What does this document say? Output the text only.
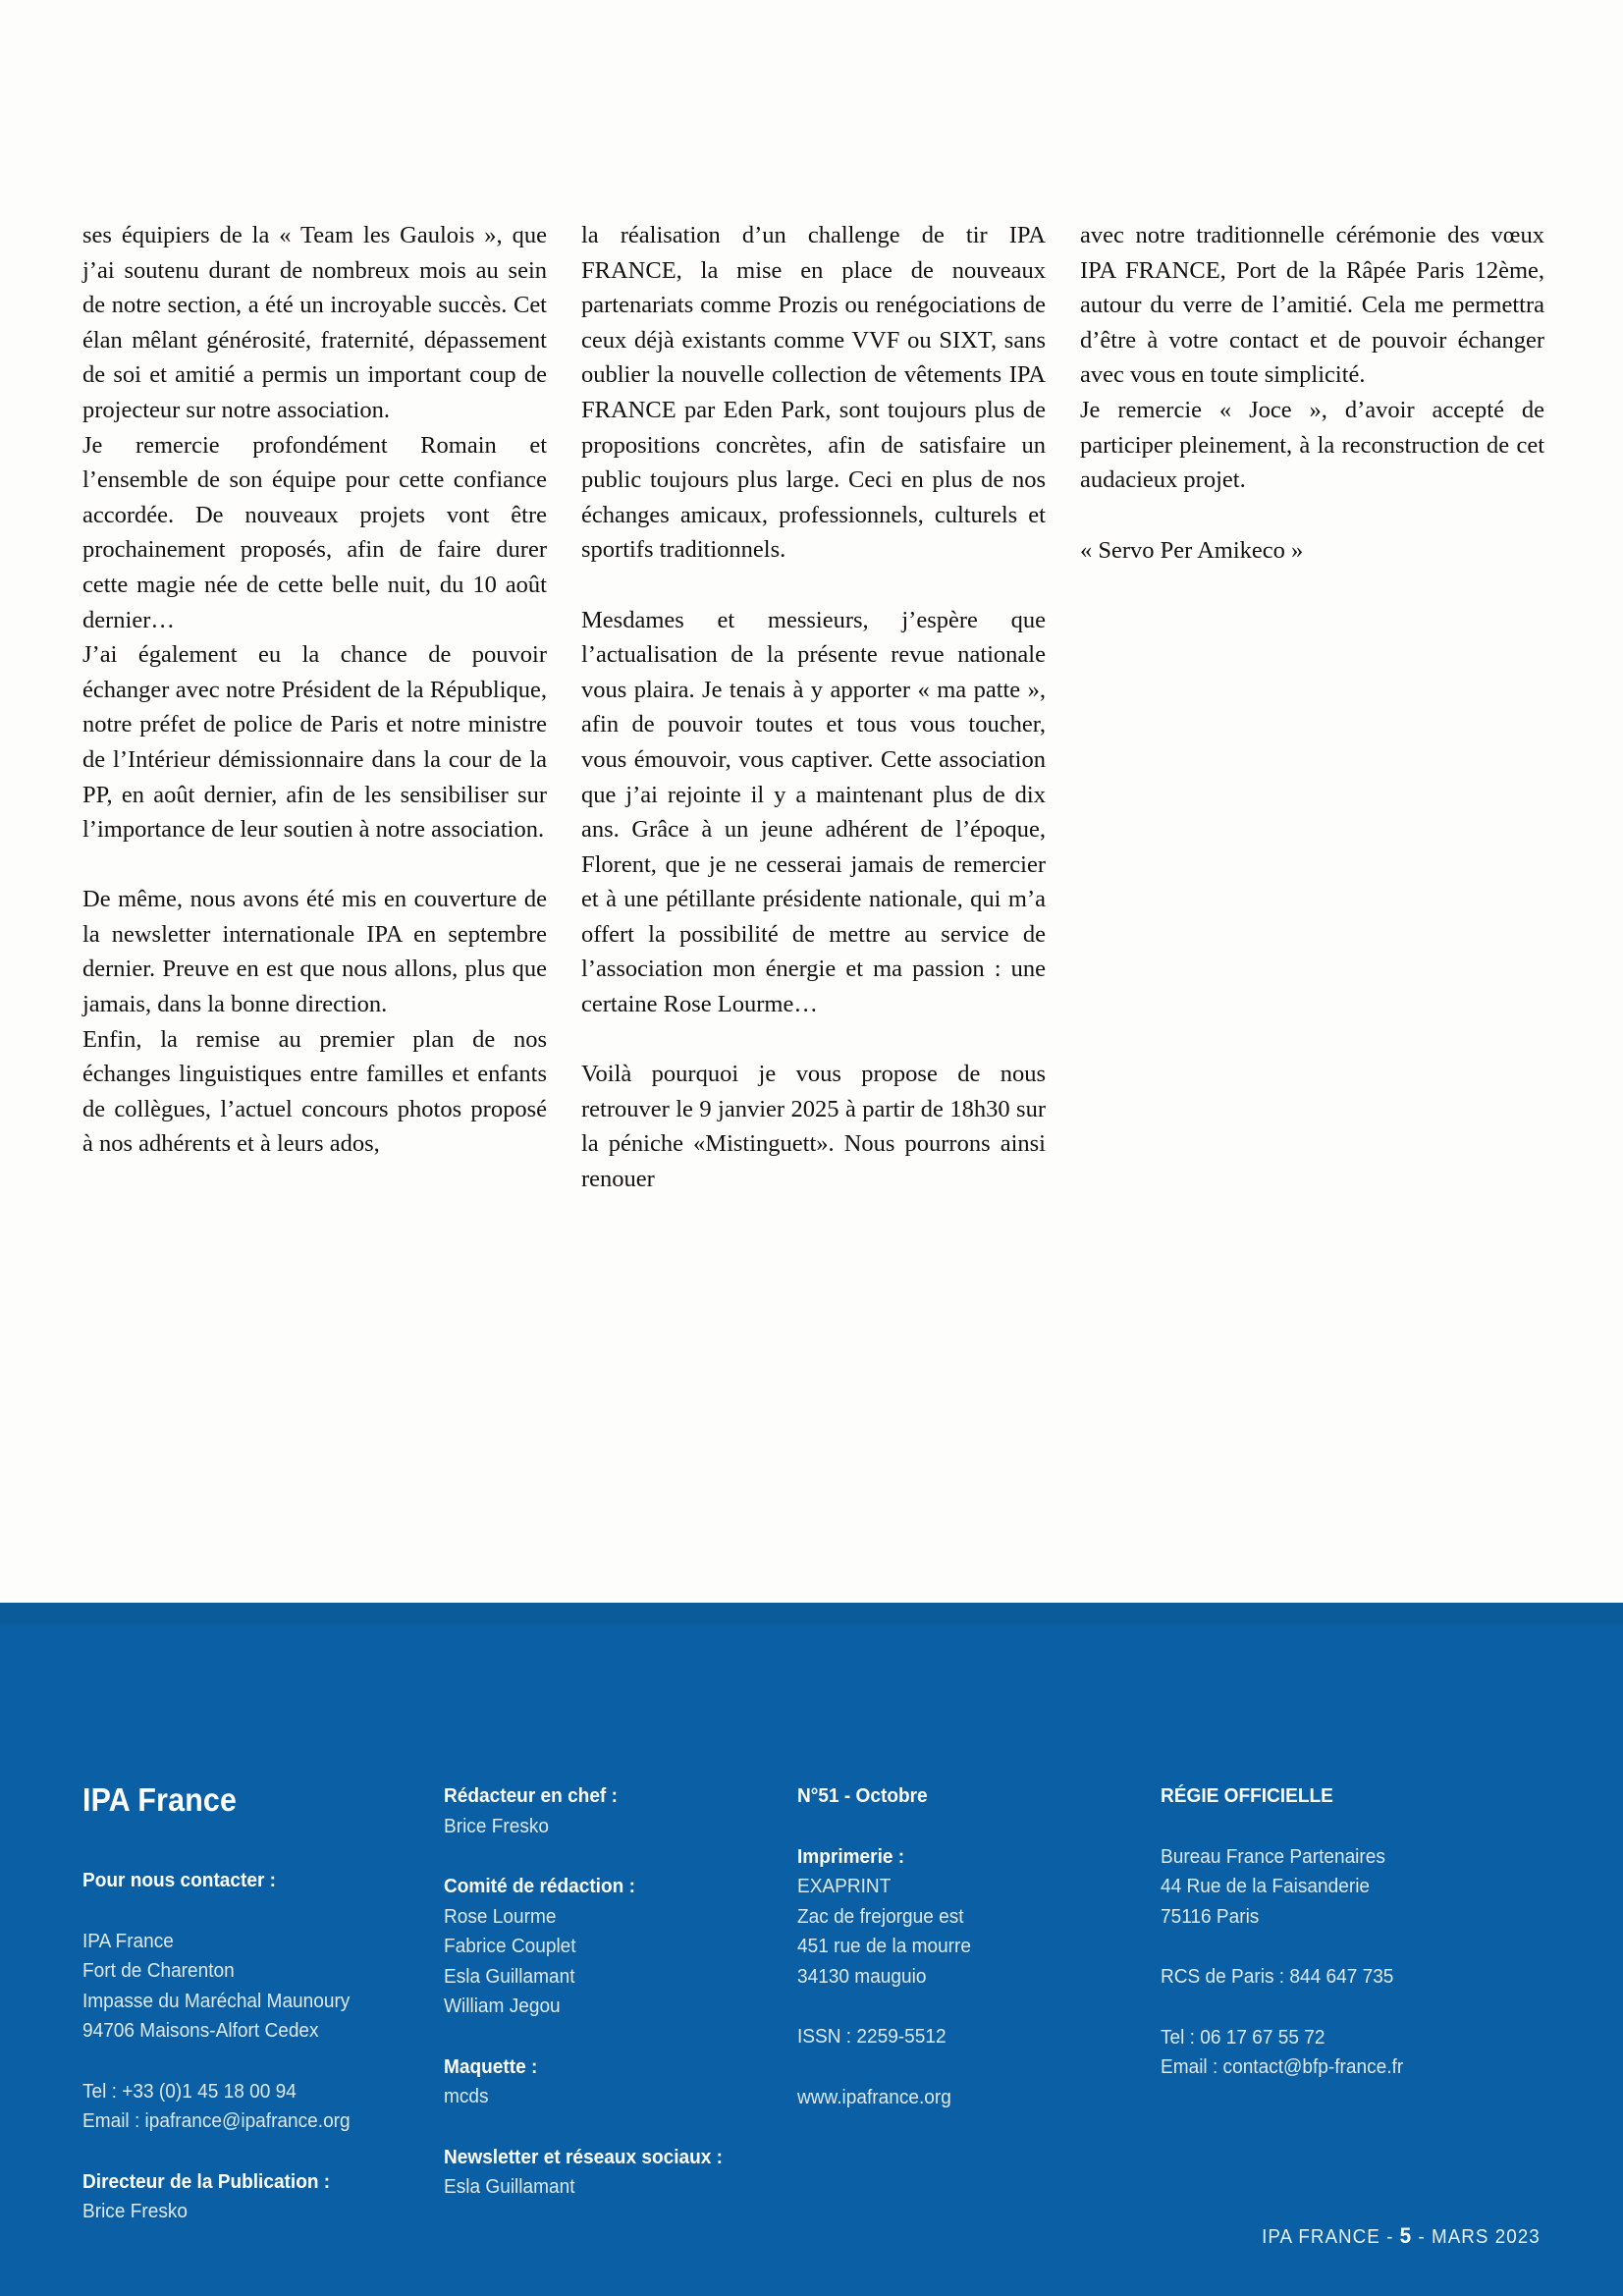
ses équipiers de la « Team les Gaulois », que j’ai soutenu durant de nombreux mois au sein de notre section, a été un incroyable succès. Cet élan mêlant générosité, fraternité, dépassement de soi et amitié a permis un important coup de projecteur sur notre association.

Je remercie profondément Romain et l’ensemble de son équipe pour cette confiance accordée. De nouveaux projets vont être prochainement proposés, afin de faire durer cette magie née de cette belle nuit, du 10 août dernier…

J’ai également eu la chance de pouvoir échanger avec notre Président de la République, notre préfet de police de Paris et notre ministre de l’Intérieur démissionnaire dans la cour de la PP, en août dernier, afin de les sensibiliser sur l’importance de leur soutien à notre association.

De même, nous avons été mis en couverture de la newsletter internationale IPA en septembre dernier. Preuve en est que nous allons, plus que jamais, dans la bonne direction.

Enfin, la remise au premier plan de nos échanges linguistiques entre familles et enfants de collègues, l’actuel concours photos proposé à nos adhérents et à leurs ados,

la réalisation d’un challenge de tir IPA FRANCE, la mise en place de nouveaux partenariats comme Prozis ou renégociations de ceux déjà existants comme VVF ou SIXT, sans oublier la nouvelle collection de vêtements IPA FRANCE par Eden Park, sont toujours plus de propositions concrètes, afin de satisfaire un public toujours plus large. Ceci en plus de nos échanges amicaux, professionnels, culturels et sportifs traditionnels.

Mesdames et messieurs, j’espère que l’actualisation de la présente revue nationale vous plaira. Je tenais à y apporter « ma patte », afin de pouvoir toutes et tous vous toucher, vous émouvoir, vous captiver. Cette association que j’ai rejointe il y a maintenant plus de dix ans. Grâce à un jeune adhérent de l’époque, Florent, que je ne cesserai jamais de remercier et à une pétillante présidente nationale, qui m’a offert la possibilité de mettre au service de l’association mon énergie et ma passion : une certaine Rose Lourme…

Voilà pourquoi je vous propose de nous retrouver le 9 janvier 2025 à partir de 18h30 sur la péniche «Mistinguett». Nous pourrons ainsi renouer

avec notre traditionnelle cérémonie des vœux IPA FRANCE, Port de la Râpée Paris 12ème, autour du verre de l’amitié. Cela me permettra d’être à votre contact et de pouvoir échanger avec vous en toute simplicité.

Je remercie « Joce », d’avoir accepté de participer pleinement, à la reconstruction de cet audacieux projet.

« Servo Per Amikeco »

IPA France
Pour nous contacter :
IPA France
Fort de Charenton
Impasse du Maréchal Maunoury
94706 Maisons-Alfort Cedex
Tel : +33 (0)1 45 18 00 94
Email : ipafrance@ipafrance.org
Directeur de la Publication :
Brice Fresko
Rédacteur en chef :
Brice Fresko
Comité de rédaction :
Rose Lourme
Fabrice Couplet
Esla Guillamant
William Jegou
Maquette :
mcds
Newsletter et réseaux sociaux :
Esla Guillamant
N°51 - Octobre
Imprimerie :
EXAPRINT
Zac de frejorgue est
451 rue de la mourre
34130 mauguio
ISSN : 2259-5512
www.ipafrance.org
RÉGIE OFFICIELLE
Bureau France Partenaires
44 Rue de la Faisanderie
75116 Paris
RCS de Paris : 844 647 735
Tel : 06 17 67 55 72
Email : contact@bfp-france.fr
IPA FRANCE - 5 - MARS 2023
